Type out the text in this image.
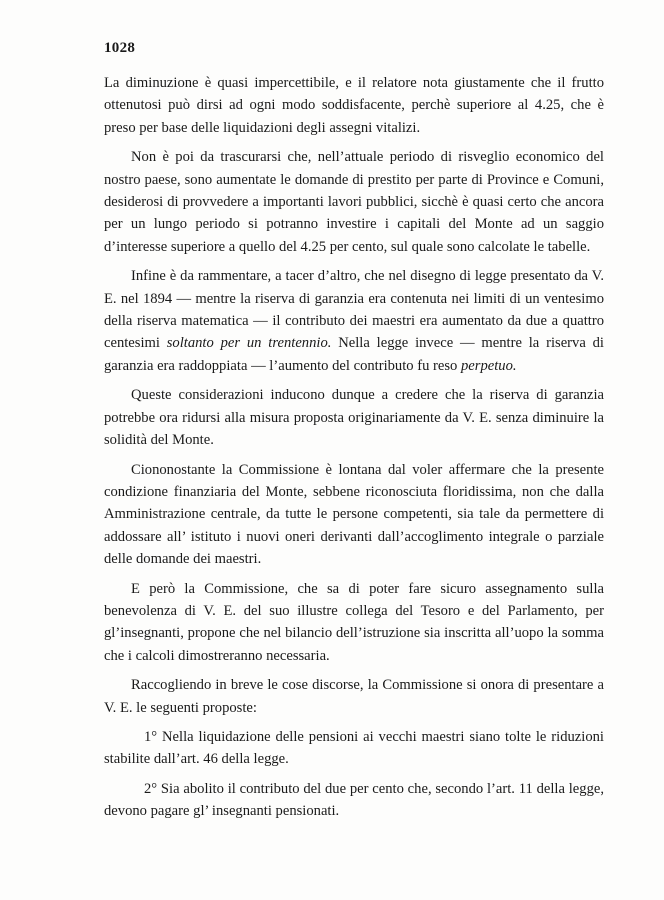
1028

La diminuzione è quasi impercettibile, e il relatore nota giustamente che il frutto ottenutosi può dirsi ad ogni modo soddisfacente, perchè superiore al 4.25, che è preso per base delle liquidazioni degli assegni vitalizi.

Non è poi da trascurarsi che, nell’attuale periodo di risveglio economico del nostro paese, sono aumentate le domande di prestito per parte di Province e Comuni, desiderosi di provvedere a importanti lavori pubblici, sicchè è quasi certo che ancora per un lungo periodo si potranno investire i capitali del Monte ad un saggio d’interesse superiore a quello del 4.25 per cento, sul quale sono calcolate le tabelle.

Infine è da rammentare, a tacer d’altro, che nel disegno di legge presentato da V. E. nel 1894 — mentre la riserva di garanzia era contenuta nei limiti di un ventesimo della riserva matematica — il contributo dei maestri era aumentato da due a quattro centesimi soltanto per un trentennio. Nella legge invece — mentre la riserva di garanzia era raddoppiata — l’aumento del contributo fu reso perpetuo.

Queste considerazioni inducono dunque a credere che la riserva di garanzia potrebbe ora ridursi alla misura proposta originariamente da V. E. senza diminuire la solidità del Monte.

Ciononostante la Commissione è lontana dal voler affermare che la presente condizione finanziaria del Monte, sebbene riconosciuta floridissima, non che dalla Amministrazione centrale, da tutte le persone competenti, sia tale da permettere di addossare all’ istituto i nuovi oneri derivanti dall’accoglimento integrale o parziale delle domande dei maestri.

E però la Commissione, che sa di poter fare sicuro assegnamento sulla benevolenza di V. E. del suo illustre collega del Tesoro e del Parlamento, per gl’insegnanti, propone che nel bilancio dell’istruzione sia inscritta all’uopo la somma che i calcoli dimostreranno necessaria.

Raccogliendo in breve le cose discorse, la Commissione si onora di presentare a V. E. le seguenti proposte:

1° Nella liquidazione delle pensioni ai vecchi maestri siano tolte le riduzioni stabilite dall’art. 46 della legge.

2° Sia abolito il contributo del due per cento che, secondo l’art. 11 della legge, devono pagare gl’ insegnanti pensionati.
